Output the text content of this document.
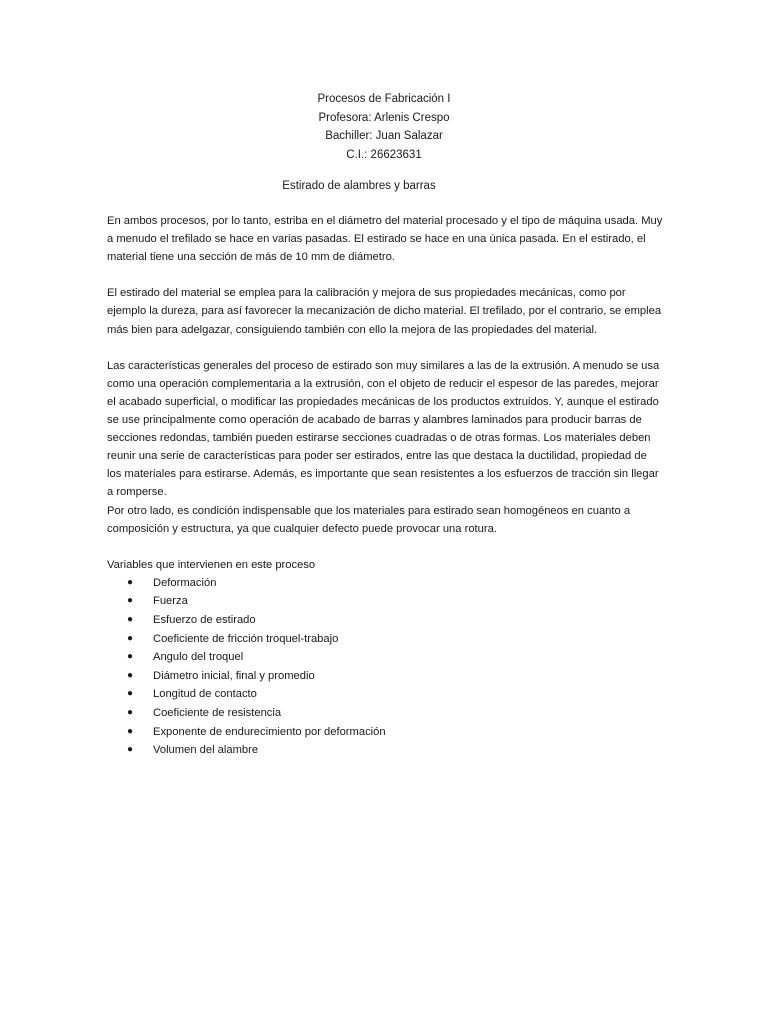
Procesos de Fabricación I
Profesora: Arlenis Crespo
Bachiller: Juan Salazar
C.I.: 26623631
Estirado de alambres y barras

En ambos procesos, por lo tanto, estriba en el diámetro del material procesado y el tipo de máquina usada. Muy a menudo el trefilado se hace en varias pasadas. El estirado se hace en una única pasada. En el estirado, el material tiene una sección de más de 10 mm de diámetro.

El estirado del material se emplea para la calibración y mejora de sus propiedades mecánicas, como por ejemplo la dureza, para así favorecer la mecanización de dicho material. El trefilado, por el contrario, se emplea más bien para adelgazar, consiguiendo también con ello la mejora de las propiedades del material.

Las características generales del proceso de estirado son muy similares a las de la extrusión. A menudo se usa como una operación complementaria a la extrusión, con el objeto de reducir el espesor de las paredes, mejorar el acabado superficial, o modificar las propiedades mecánicas de los productos extruidos. Y, aunque el estirado se use principalmente como operación de acabado de barras y alambres laminados para producir barras de secciones redondas, también pueden estirarse secciones cuadradas o de otras formas. Los materiales deben reunir una serie de características para poder ser estirados, entre las que destaca la ductilidad, propiedad de los materiales para estirarse. Además, es importante que sean resistentes a los esfuerzos de tracción sin llegar a romperse.

Por otro lado, es condición indispensable que los materiales para estirado sean homogéneos en cuanto a composición y estructura, ya que cualquier defecto puede provocar una rotura.

Variables que intervienen en este proceso
● Deformación
● Fuerza
● Esfuerzo de estirado
● Coeficiente de fricción troquel-trabajo
● Angulo del troquel
● Diámetro inicial, final y promedio
● Longitud de contacto
● Coeficiente de resistencia
● Exponente de endurecimiento por deformación
● Volumen del alambre
